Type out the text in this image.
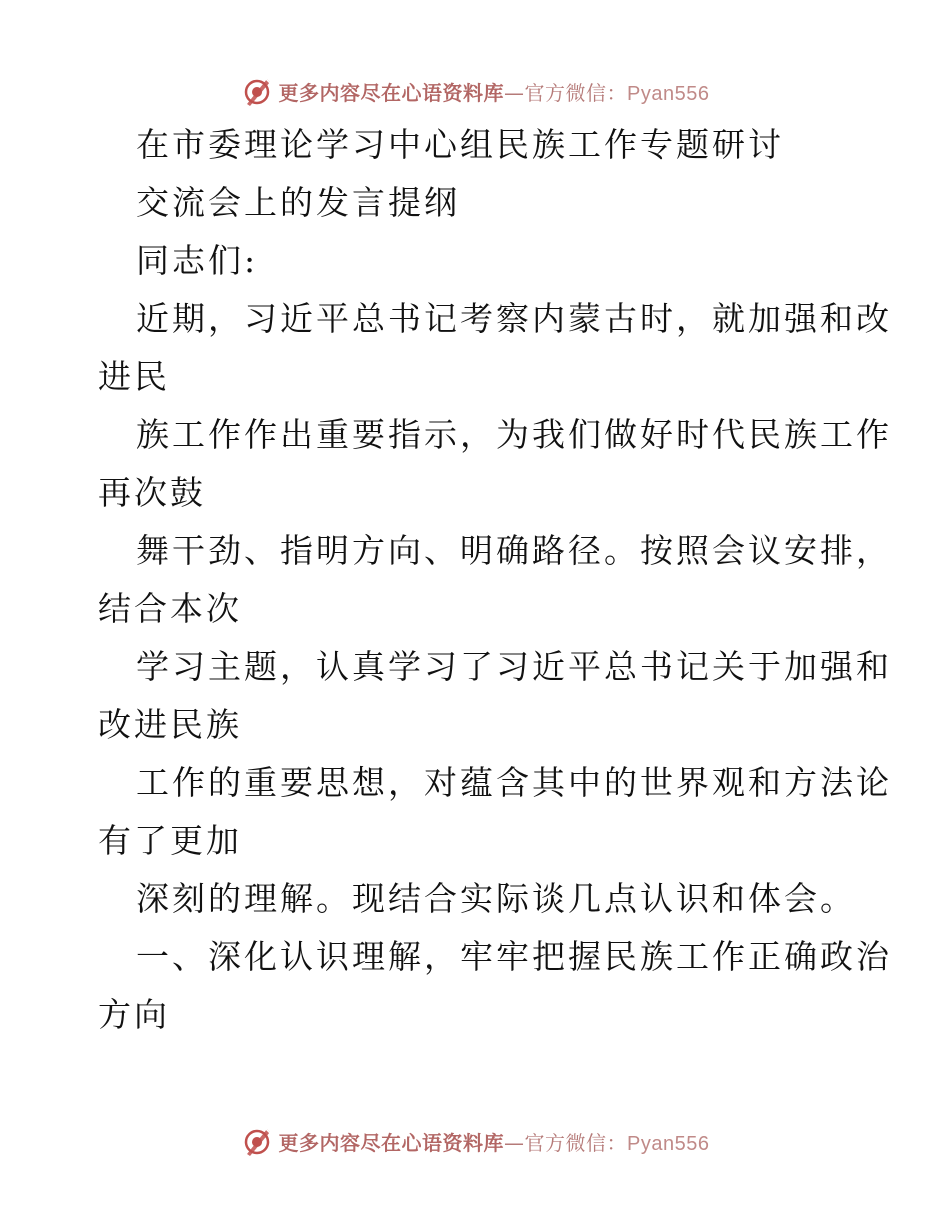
更多内容尽在心语资料库—官方微信：Pyan556
在市委理论学习中心组民族工作专题研讨
交流会上的发言提纲
同志们:
近期，习近平总书记考察内蒙古时，就加强和改
进民
族工作作出重要指示，为我们做好时代民族工作
再次鼓
舞干劲、指明方向、明确路径。按照会议安排，
结合本次
学习主题，认真学习了习近平总书记关于加强和
改进民族
工作的重要思想，对蕴含其中的世界观和方法论
有了更加
深刻的理解。现结合实际谈几点认识和体会。
一、深化认识理解，牢牢把握民族工作正确政治
方向
更多内容尽在心语资料库—官方微信：Pyan556
